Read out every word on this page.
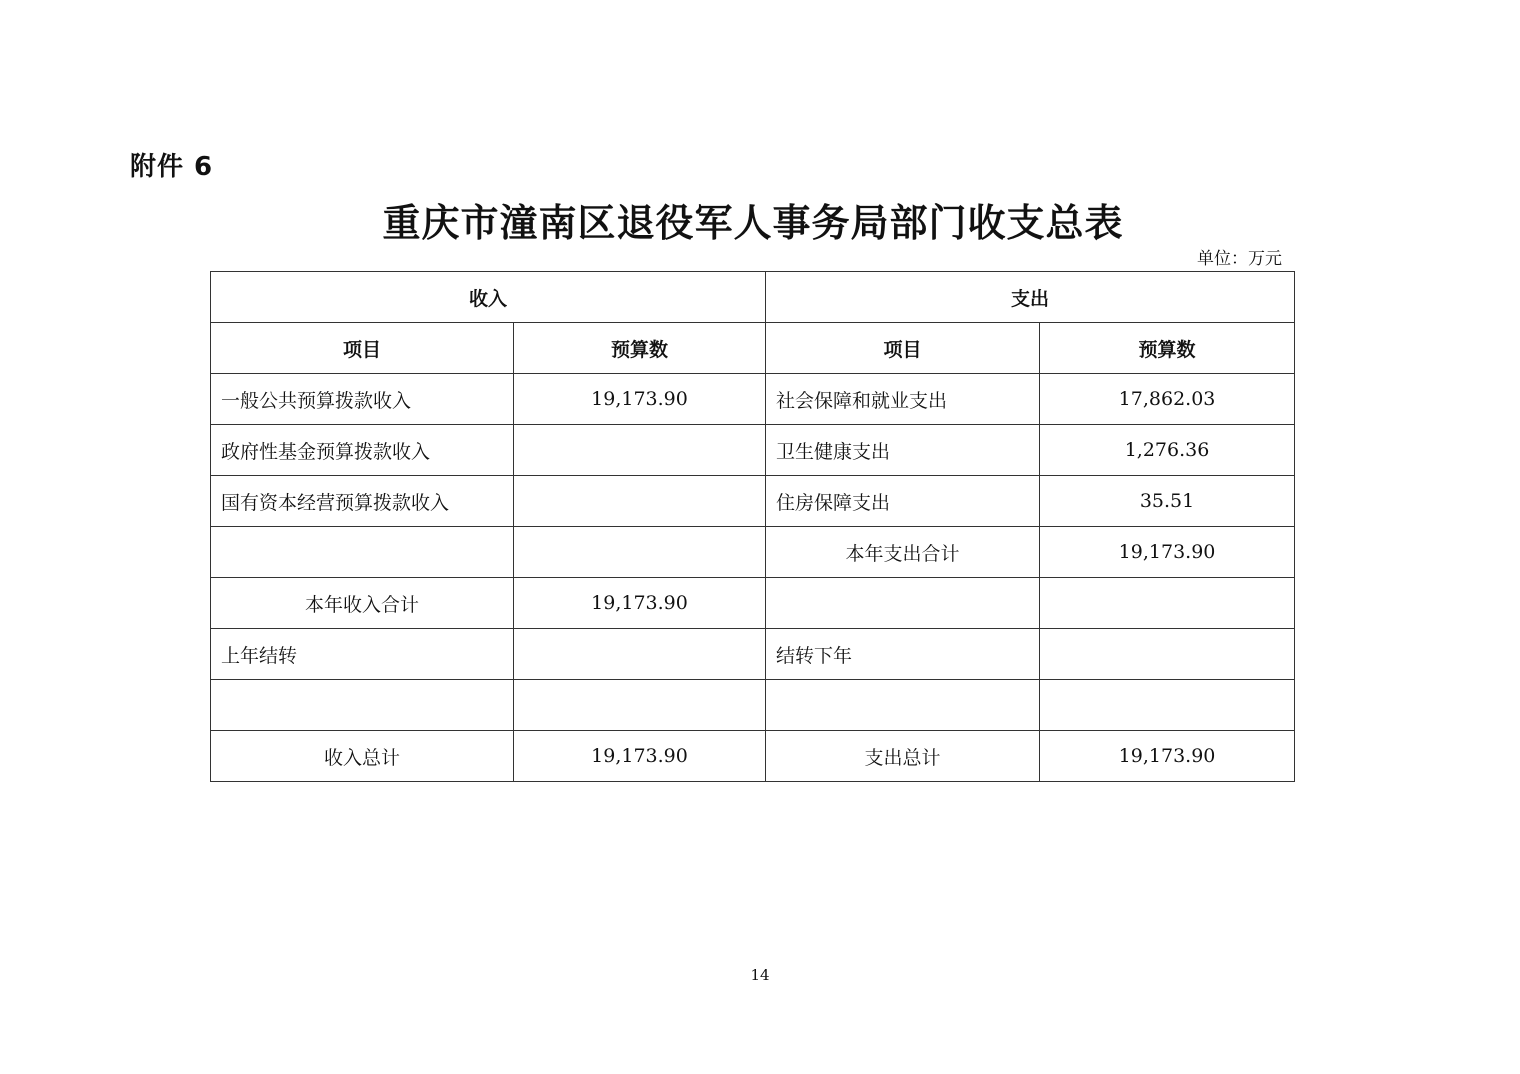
附件 6
重庆市潼南区退役军人事务局部门收支总表
单位：万元
收入		支出	
项目	预算数	项目	预算数
一般公共预算拨款收入	19,173.90	社会保障和就业支出	17,862.03
政府性基金预算拨款收入		卫生健康支出	1,276.36
国有资本经营预算拨款收入		住房保障支出	35.51
		本年支出合计	19,173.90
本年收入合计	19,173.90		
上年结转		结转下年	

收入总计	19,173.90	支出总计	19,173.90
14
